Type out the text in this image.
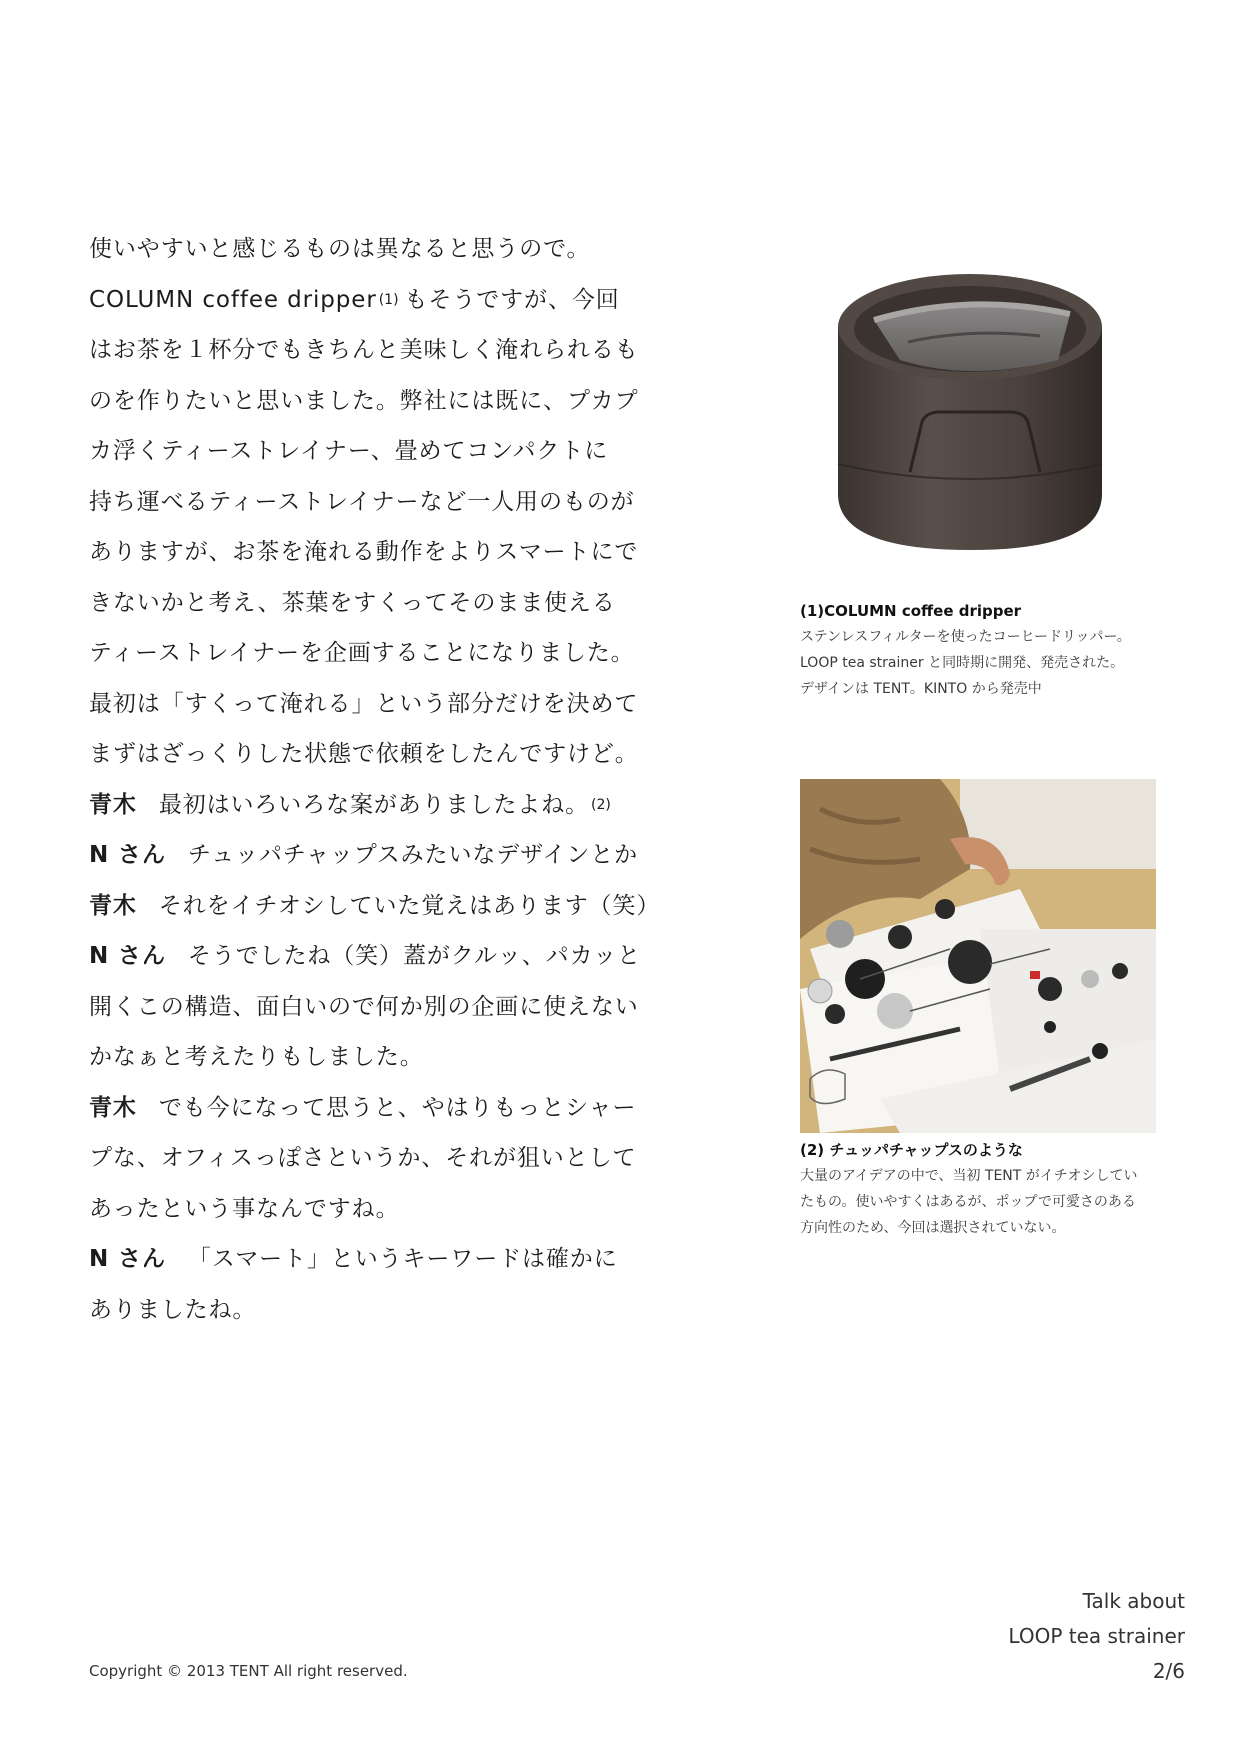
使いやすいと感じるものは異なると思うので。
COLUMN coffee dripper $^{(1)}$ もそうですが、今回
はお茶を１杯分でもきちんと美味しく淹れられるも
のを作りたいと思いました。弊社には既に、プカプ
カ浮くティーストレイナー、畳めてコンパクトに
持ち運べるティーストレイナーなど一人用のものが
ありますが、お茶を淹れる動作をよりスマートにで
きないかと考え、茶葉をすくってそのまま使える
ティーストレイナーを企画することになりました。
最初は「すくって淹れる」という部分だけを決めて
まずはざっくりした状態で依頼をしたんですけど。
青木 最初はいろいろな案がありましたよね。 $^{(2)}$
N さん チュッパチャップスみたいなデザインとか
青木 それをイチオシしていた覚えはあります（笑）
N さん そうでしたね（笑）蓋がクルッ、パカッと
開くこの構造、面白いので何か別の企画に使えない
かなぁと考えたりもしました。
青木 でも今になって思うと、やはりもっとシャー
プな、オフィスっぽさというか、それが狙いとして
あったという事なんですね。
N さん 「スマート」というキーワードは確かに
ありましたね。
(1)COLUMN coffee dripper
ステンレスフィルターを使ったコーヒードリッパー。
LOOP tea strainer と同時期に開発、発売された。
デザインは TENT。KINTO から発売中
(2) チュッパチャップスのような
大量のアイデアの中で、当初 TENT がイチオシしてい
たもの。使いやすくはあるが、ポップで可愛さのある
方向性のため、今回は選択されていない。
Copyright © 2013 TENT All right reserved.
Talk about
LOOP tea strainer
2/6
